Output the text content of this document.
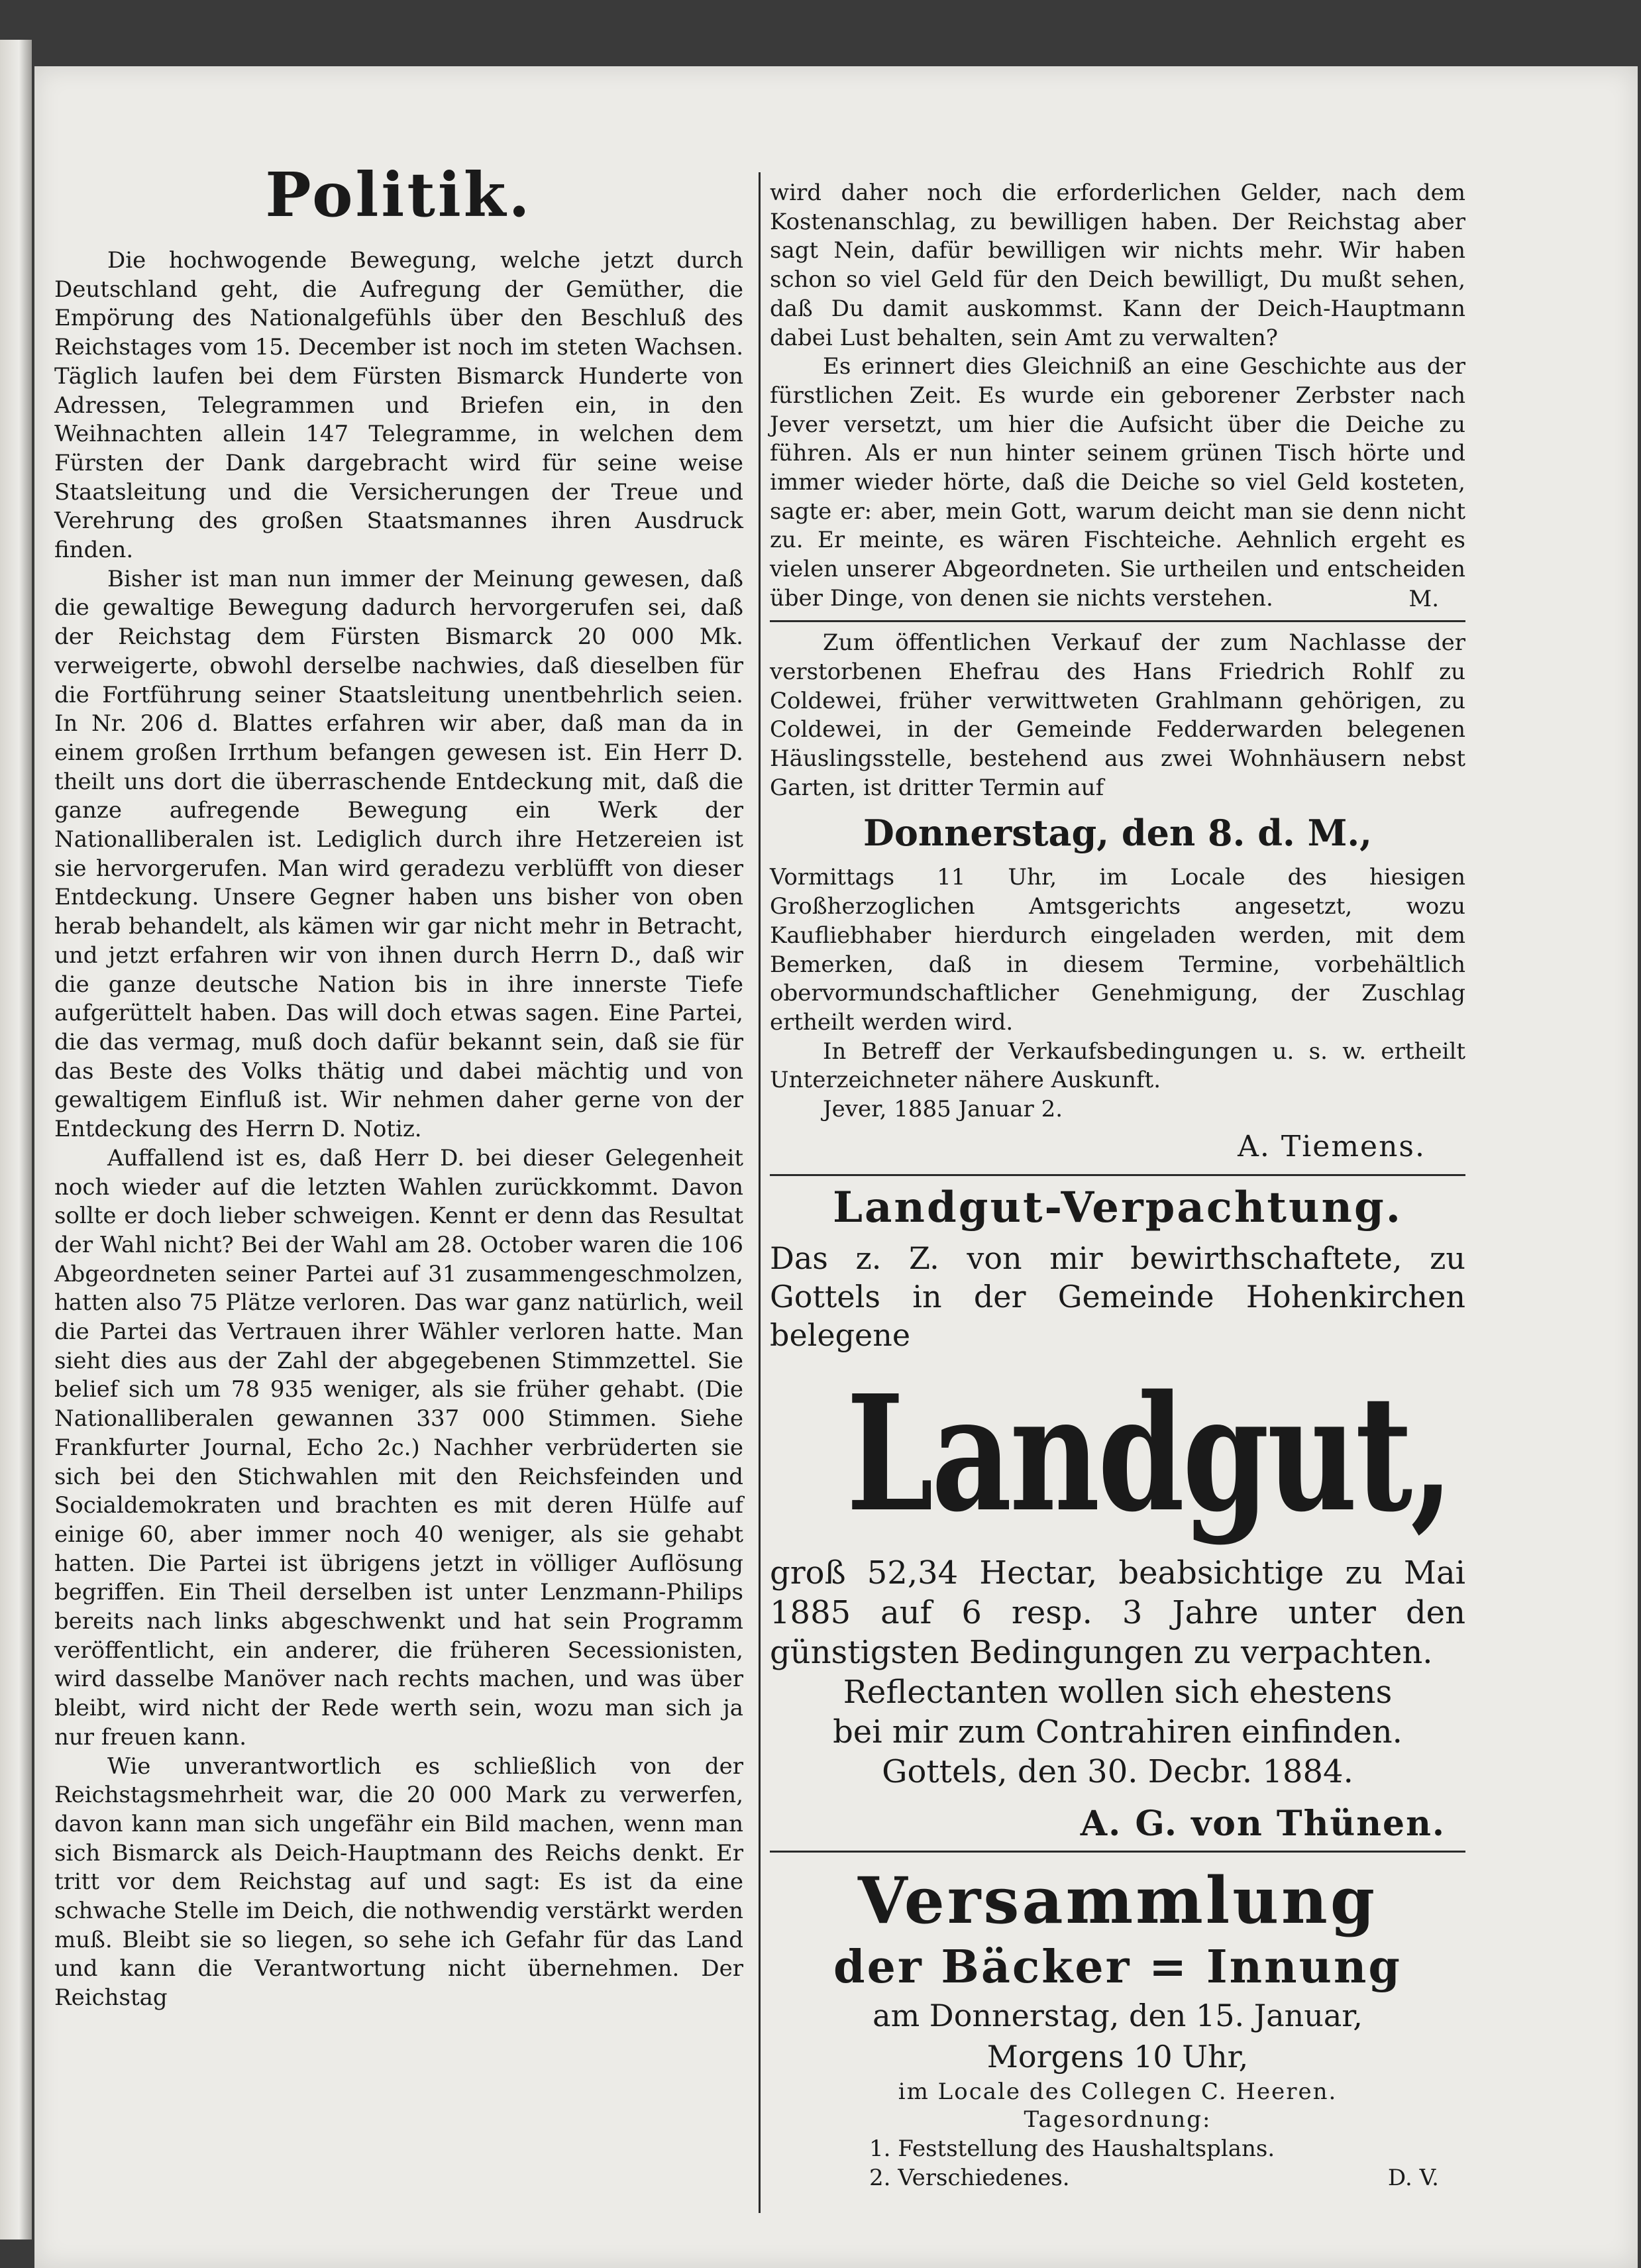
Politik.

Die hochwogende Bewegung, welche jetzt durch Deutschland geht, die Aufregung der Gemüther, die Empörung des Nationalgefühls über den Beschluß des Reichstages vom 15. December ist noch im steten Wachsen. Täglich laufen bei dem Fürsten Bismarck Hunderte von Adressen, Telegrammen und Briefen ein, in den Weihnachten allein 147 Telegramme, in welchen dem Fürsten der Dank dargebracht wird für seine weise Staatsleitung und die Versicherungen der Treue und Verehrung des großen Staatsmannes ihren Ausdruck finden.

Bisher ist man nun immer der Meinung gewesen, daß die gewaltige Bewegung dadurch hervorgerufen sei, daß der Reichstag dem Fürsten Bismarck 20 000 Mk. verweigerte, obwohl derselbe nachwies, daß dieselben für die Fortführung seiner Staatsleitung unentbehrlich seien. In Nr. 206 d. Blattes erfahren wir aber, daß man da in einem großen Irrthum befangen gewesen ist. Ein Herr D. theilt uns dort die überraschende Entdeckung mit, daß die ganze aufregende Bewegung ein Werk der Nationalliberalen ist. Lediglich durch ihre Hetzereien ist sie hervorgerufen. Man wird geradezu verblüfft von dieser Entdeckung. Unsere Gegner haben uns bisher von oben herab behandelt, als kämen wir gar nicht mehr in Betracht, und jetzt erfahren wir von ihnen durch Herrn D., daß wir die ganze deutsche Nation bis in ihre innerste Tiefe aufgerüttelt haben. Das will doch etwas sagen. Eine Partei, die das vermag, muß doch dafür bekannt sein, daß sie für das Beste des Volks thätig und dabei mächtig und von gewaltigem Einfluß ist. Wir nehmen daher gerne von der Entdeckung des Herrn D. Notiz.

Auffallend ist es, daß Herr D. bei dieser Gelegenheit noch wieder auf die letzten Wahlen zurückkommt. Davon sollte er doch lieber schweigen. Kennt er denn das Resultat der Wahl nicht? Bei der Wahl am 28. October waren die 106 Abgeordneten seiner Partei auf 31 zusammengeschmolzen, hatten also 75 Plätze verloren. Das war ganz natürlich, weil die Partei das Vertrauen ihrer Wähler verloren hatte. Man sieht dies aus der Zahl der abgegebenen Stimmzettel. Sie belief sich um 78 935 weniger, als sie früher gehabt. (Die Nationalliberalen gewannen 337 000 Stimmen. Siehe Frankfurter Journal, Echo 2c.) Nachher verbrüderten sie sich bei den Stichwahlen mit den Reichsfeinden und Socialdemokraten und brachten es mit deren Hülfe auf einige 60, aber immer noch 40 weniger, als sie gehabt hatten. Die Partei ist übrigens jetzt in völliger Auflösung begriffen. Ein Theil derselben ist unter Lenzmann-Philips bereits nach links abgeschwenkt und hat sein Programm veröffentlicht, ein anderer, die früheren Secessionisten, wird dasselbe Manöver nach rechts machen, und was über bleibt, wird nicht der Rede werth sein, wozu man sich ja nur freuen kann.

Wie unverantwortlich es schließlich von der Reichstagsmehrheit war, die 20 000 Mark zu verwerfen, davon kann man sich ungefähr ein Bild machen, wenn man sich Bismarck als Deich-Hauptmann des Reichs denkt. Er tritt vor dem Reichstag auf und sagt: Es ist da eine schwache Stelle im Deich, die nothwendig verstärkt werden muß. Bleibt sie so liegen, so sehe ich Gefahr für das Land und kann die Verantwortung nicht übernehmen. Der Reichstag

wird daher noch die erforderlichen Gelder, nach dem Kostenanschlag, zu bewilligen haben. Der Reichstag aber sagt Nein, dafür bewilligen wir nichts mehr. Wir haben schon so viel Geld für den Deich bewilligt, Du mußt sehen, daß Du damit auskommst. Kann der Deich-Hauptmann dabei Lust behalten, sein Amt zu verwalten?

Es erinnert dies Gleichniß an eine Geschichte aus der fürstlichen Zeit. Es wurde ein geborener Zerbster nach Jever versetzt, um hier die Aufsicht über die Deiche zu führen. Als er nun hinter seinem grünen Tisch hörte und immer wieder hörte, daß die Deiche so viel Geld kosteten, sagte er: aber, mein Gott, warum deicht man sie denn nicht zu. Er meinte, es wären Fischteiche. Aehnlich ergeht es vielen unserer Abgeordneten. Sie urtheilen und entscheiden über Dinge, von denen sie nichts verstehen.	M.

Zum öffentlichen Verkauf der zum Nachlasse der verstorbenen Ehefrau des Hans Friedrich Rohlf zu Coldewei, früher verwittweten Grahlmann gehörigen, zu Coldewei, in der Gemeinde Fedderwarden belegenen Häuslingsstelle, bestehend aus zwei Wohnhäusern nebst Garten, ist dritter Termin auf

Donnerstag, den 8. d. M.,

Vormittags 11 Uhr, im Locale des hiesigen Großherzoglichen Amtsgerichts angesetzt, wozu Kaufliebhaber hierdurch eingeladen werden, mit dem Bemerken, daß in diesem Termine, vorbehältlich obervormundschaftlicher Genehmigung, der Zuschlag ertheilt werden wird.

In Betreff der Verkaufsbedingungen u. s. w. ertheilt Unterzeichneter nähere Auskunft.

Jever, 1885 Januar 2.
A. Tiemens.
Landgut-Verpachtung.

Das z. Z. von mir bewirthschaftete, zu Gottels in der Gemeinde Hohenkirchen belegene

Landgut,

groß 52,34 Hectar, beabsichtige zu Mai 1885 auf 6 resp. 3 Jahre unter den günstigsten Bedingungen zu verpachten.

Reflectanten wollen sich ehestens

bei mir zum Contrahiren einfinden.

Gottels, den 30. Decbr. 1884.

A. G. von Thünen.
Versammlung
der Bäcker = Innung
am Donnerstag, den 15. Januar,
Morgens 10 Uhr,
im Locale des Collegen C. Heeren.
Tagesordnung:
1. Feststellung des Haushaltsplans.
2. Verschiedenes.	D. V.
